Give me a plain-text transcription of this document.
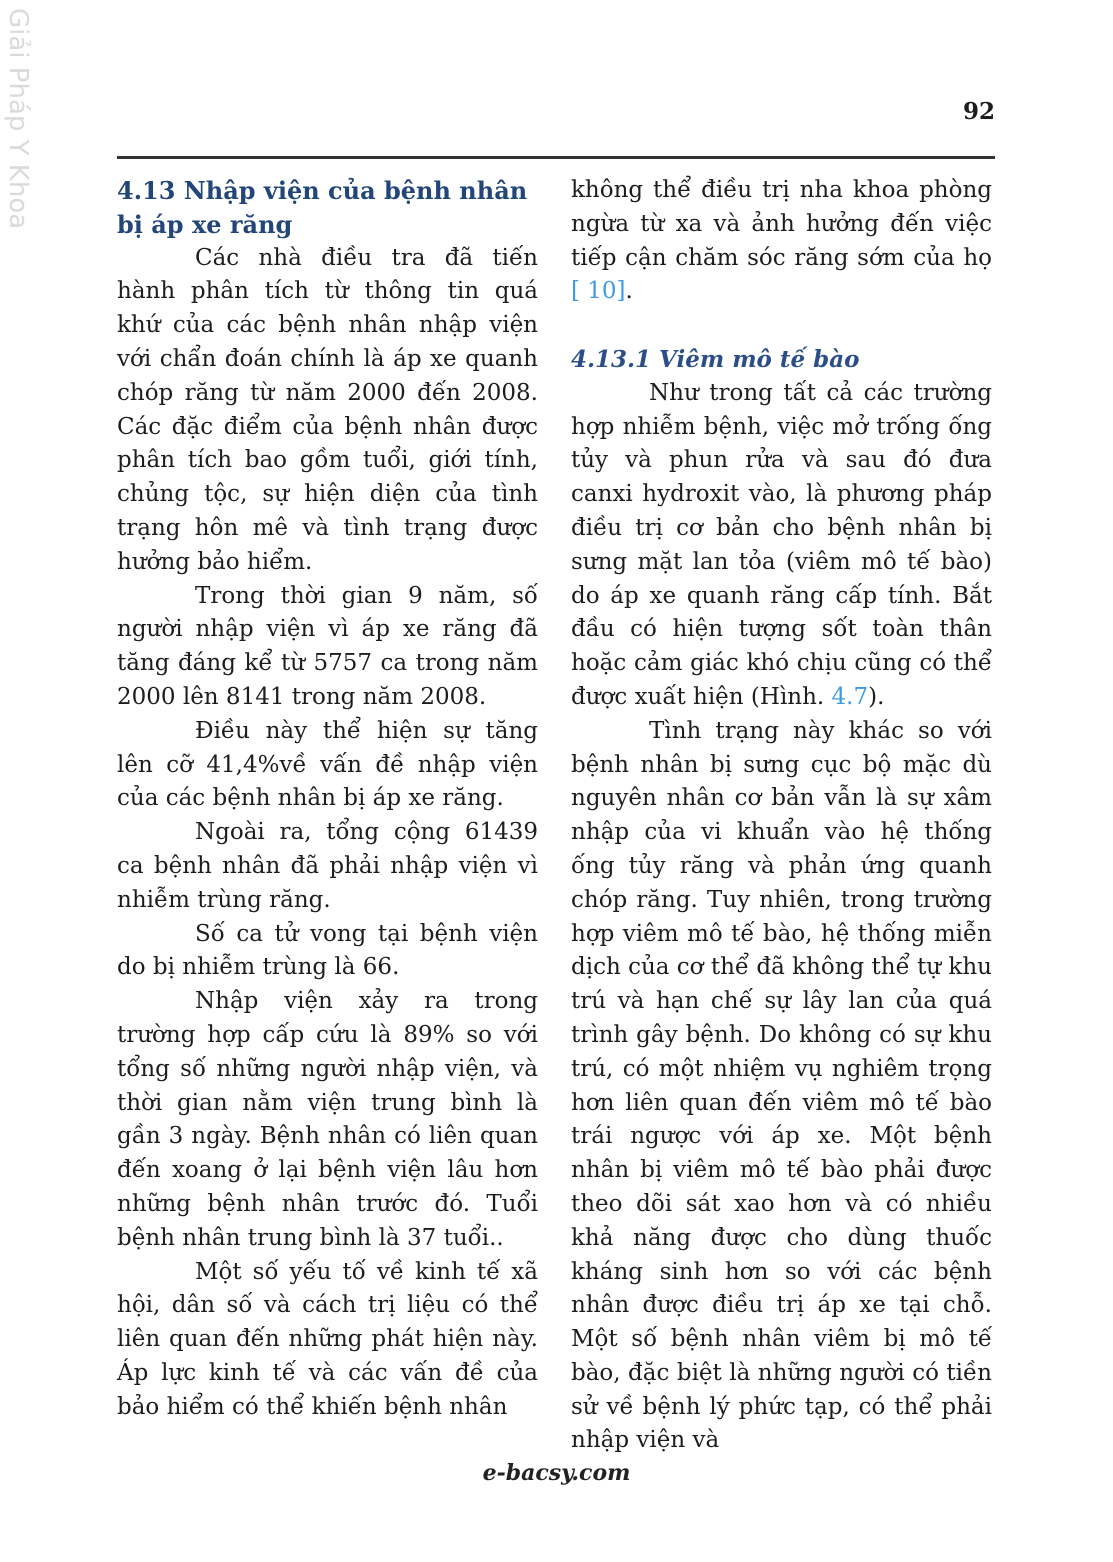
Giải Pháp Y Khoa	92
4.13 Nhập viện của bệnh nhân bị áp xe răng

Các nhà điều tra đã tiến hành phân tích từ thông tin quá khứ của các bệnh nhân nhập viện với chẩn đoán chính là áp xe quanh chóp răng từ năm 2000 đến 2008. Các đặc điểm của bệnh nhân được phân tích bao gồm tuổi, giới tính, chủng tộc, sự hiện diện của tình trạng hôn mê và tình trạng được hưởng bảo hiểm.

Trong thời gian 9 năm, số người nhập viện vì áp xe răng đã tăng đáng kể từ 5757 ca trong năm 2000 lên 8141 trong năm 2008.

Điều này thể hiện sự tăng lên cỡ 41,4%về vấn đề nhập viện của các bệnh nhân bị áp xe răng.

Ngoài ra, tổng cộng 61439 ca bệnh nhân đã phải nhập viện vì nhiễm trùng răng.

Số ca tử vong tại bệnh viện do bị nhiễm trùng là 66.

Nhập viện xảy ra trong trường hợp cấp cứu là 89% so với tổng số những người nhập viện, và thời gian nằm viện trung bình là gần 3 ngày. Bệnh nhân có liên quan đến xoang ở lại bệnh viện lâu hơn những bệnh nhân trước đó. Tuổi bệnh nhân trung bình là 37 tuổi..

Một số yếu tố về kinh tế xã hội, dân số và cách trị liệu có thể liên quan đến những phát hiện này. Áp lực kinh tế và các vấn đề của bảo hiểm có thể khiến bệnh nhân

không thể điều trị nha khoa phòng ngừa từ xa và ảnh hưởng đến việc tiếp cận chăm sóc răng sớm của họ [ 10].

4.13.1 Viêm mô tế bào

Như trong tất cả các trường hợp nhiễm bệnh, việc mở trống ống tủy và phun rửa và sau đó đưa canxi hydroxit vào, là phương pháp điều trị cơ bản cho bệnh nhân bị sưng mặt lan tỏa (viêm mô tế bào) do áp xe quanh răng cấp tính. Bắt đầu có hiện tượng sốt toàn thân hoặc cảm giác khó chịu cũng có thể được xuất hiện (Hình. 4.7).

Tình trạng này khác so với bệnh nhân bị sưng cục bộ mặc dù nguyên nhân cơ bản vẫn là sự xâm nhập của vi khuẩn vào hệ thống ống tủy răng và phản ứng quanh chóp răng. Tuy nhiên, trong trường hợp viêm mô tế bào, hệ thống miễn dịch của cơ thể đã không thể tự khu trú và hạn chế sự lây lan của quá trình gây bệnh. Do không có sự khu trú, có một nhiệm vụ nghiêm trọng hơn liên quan đến viêm mô tế bào trái ngược với áp xe. Một bệnh nhân bị viêm mô tế bào phải được theo dõi sát xao hơn và có nhiều khả năng được cho dùng thuốc kháng sinh hơn so với các bệnh nhân được điều trị áp xe tại chỗ. Một số bệnh nhân viêm bị mô tế bào, đặc biệt là những người có tiền sử về bệnh lý phức tạp, có thể phải nhập viện và

e-bacsy.com
